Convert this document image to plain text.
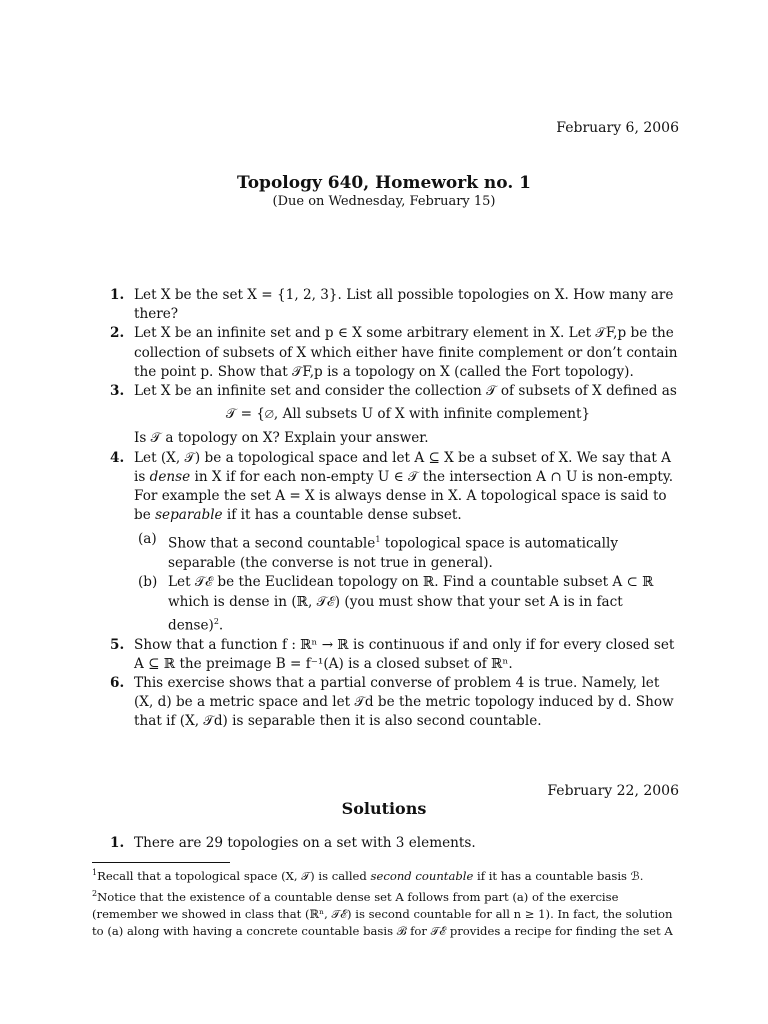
February 6, 2006
Topology 640, Homework no. 1
(Due on Wednesday, February 15)
1. Let X be the set X = {1, 2, 3}. List all possible topologies on X. How many are there?
2. Let X be an infinite set and p ∈ X some arbitrary element in X. Let 𝒯F,p be the collection of subsets of X which either have finite complement or don’t contain the point p. Show that 𝒯F,p is a topology on X (called the Fort topology).
3. Let X be an infinite set and consider the collection 𝒯 of subsets of X defined as
𝒯 = {∅, All subsets U of X with infinite complement}
Is 𝒯 a topology on X? Explain your answer.
4. Let (X, 𝒯) be a topological space and let A ⊆ X be a subset of X. We say that A is dense in X if for each non-empty U ∈ 𝒯 the intersection A ∩ U is non-empty. For example the set A = X is always dense in X. A topological space is said to be separable if it has a countable dense subset.
(a) Show that a second countable$^1$ topological space is automatically separable (the converse is not true in general).
(b) Let 𝒯ℰ be the Euclidean topology on ℝ. Find a countable subset A ⊂ ℝ which is dense in (ℝ, 𝒯ℰ) (you must show that your set A is in fact dense)$^2$.
5. Show that a function f : ℝⁿ → ℝ is continuous if and only if for every closed set A ⊆ ℝ the preimage B = f⁻¹(A) is a closed subset of ℝⁿ.
6. This exercise shows that a partial converse of problem 4 is true. Namely, let (X, d) be a metric space and let 𝒯d be the metric topology induced by d. Show that if (X, 𝒯d) is separable then it is also second countable.
February 22, 2006
Solutions
1. There are 29 topologies on a set with 3 elements.
$^1$Recall that a topological space (X, 𝒯) is called second countable if it has a countable basis ℬ.
$^2$Notice that the existence of a countable dense set A follows from part (a) of the exercise (remember we showed in class that (ℝⁿ, 𝒯ℰ) is second countable for all n ≥ 1). In fact, the solution to (a) along with having a concrete countable basis ℬ for 𝒯ℰ provides a recipe for finding the set A
